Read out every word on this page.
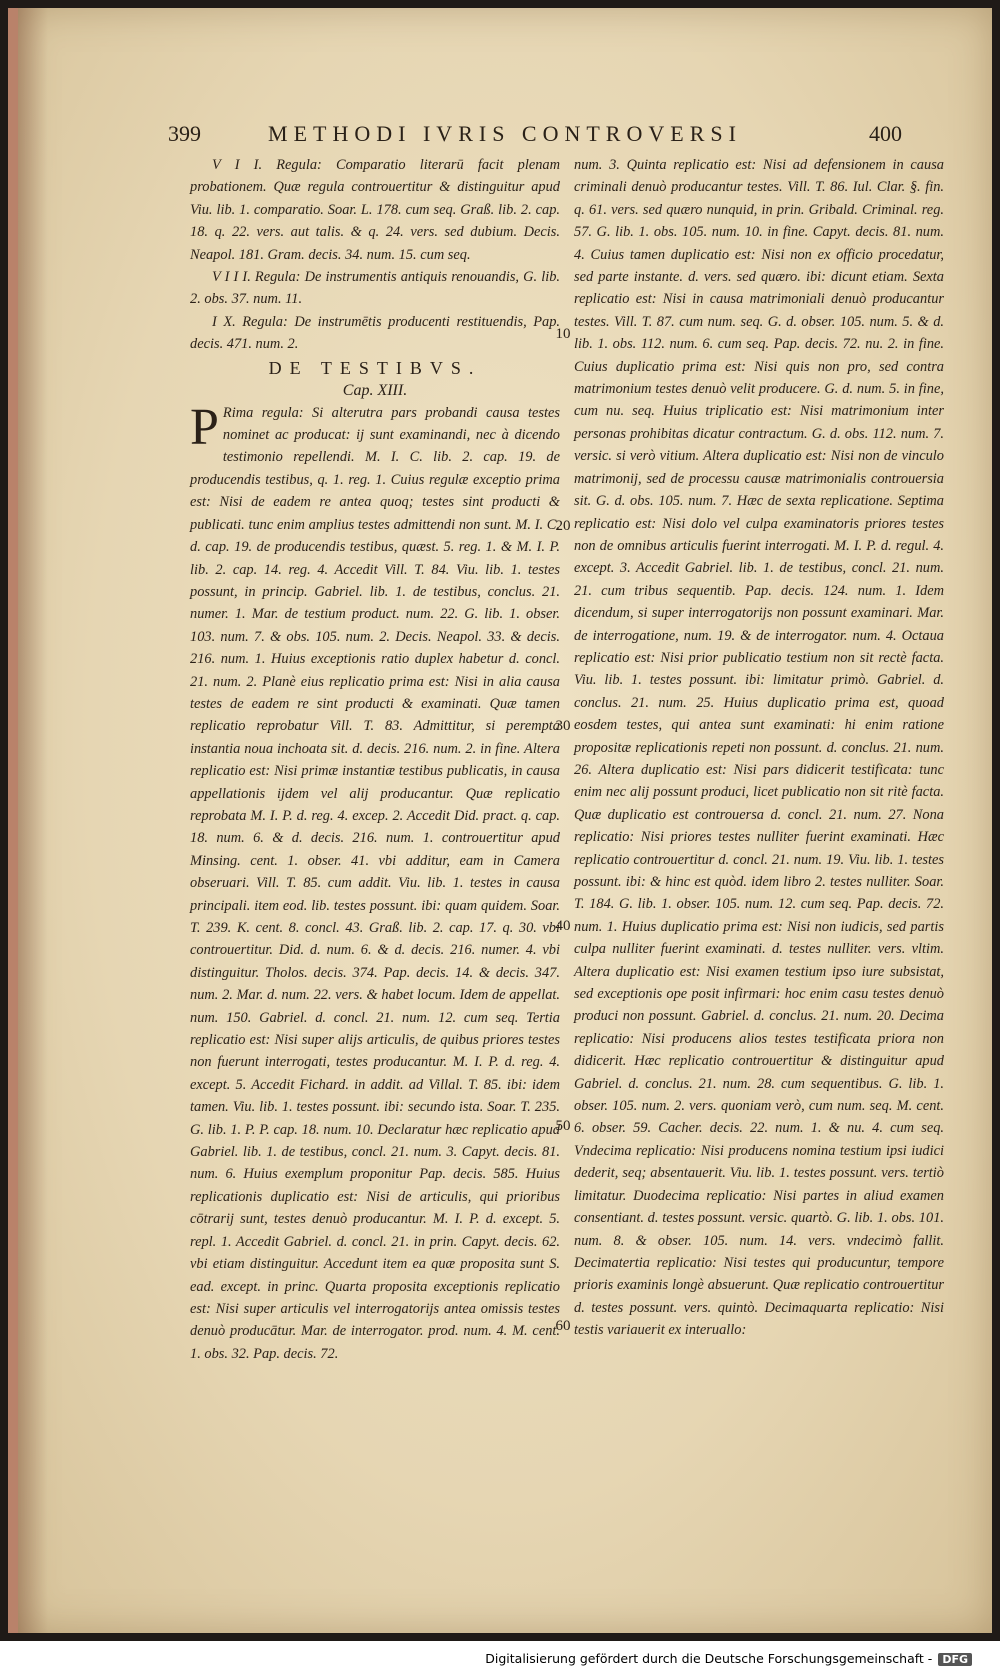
399	METHODI IVRIS CONTROVERSI	400

V I I. Regula: Comparatio literarū facit plenam probationem. Quæ regula controuertitur & distinguitur apud Viu. lib. 1. comparatio. Soar. L. 178. cum seq. Graß. lib. 2. cap. 18. q. 22. vers. aut talis. & q. 24. vers. sed dubium. Decis. Neapol. 181. Gram. decis. 34. num. 15. cum seq.

V I I I. Regula: De instrumentis antiquis renouandis, G. lib. 2. obs. 37. num. 11.

I X. Regula: De instrumētis producenti restituendis, Pap. decis. 471. num. 2.

DE TESTIBVS.

Cap. XIII.

P Rima regula: Si alterutra pars probandi causa testes nominet ac producat: ij sunt examinandi, nec à dicendo testimonio repellendi. M. I. C. lib. 2. cap. 19. de producendis testibus, q. 1. reg. 1. Cuius regulæ exceptio prima est: Nisi de eadem re antea quoq; testes sint producti & publicati. tunc enim amplius testes admittendi non sunt. M. I. C. d. cap. 19. de producendis testibus, quæst. 5. reg. 1. & M. I. P. lib. 2. cap. 14. reg. 4. Accedit Vill. T. 84. Viu. lib. 1. testes possunt, in princip. Gabriel. lib. 1. de testibus, conclus. 21. numer. 1. Mar. de testium product. num. 22. G. lib. 1. obser. 103. num. 7. & obs. 105. num. 2. Decis. Neapol. 33. & decis. 216. num. 1. Huius exceptionis ratio duplex habetur d. concl. 21. num. 2. Planè eius replicatio prima est: Nisi in alia causa testes de eadem re sint producti & examinati. Quæ tamen replicatio reprobatur Vill. T. 83. Admittitur, si perempta instantia noua inchoata sit. d. decis. 216. num. 2. in fine. Altera replicatio est: Nisi primæ instantiæ testibus publicatis, in causa appellationis ijdem vel alij producantur. Quæ replicatio reprobata M. I. P. d. reg. 4. excep. 2. Accedit Did. pract. q. cap. 18. num. 6. & d. decis. 216. num. 1. controuertitur apud Minsing. cent. 1. obser. 41. vbi additur, eam in Camera obseruari. Vill. T. 85. cum addit. Viu. lib. 1. testes in causa principali. item eod. lib. testes possunt. ibi: quam quidem. Soar. T. 239. K. cent. 8. concl. 43. Graß. lib. 2. cap. 17. q. 30. vbi controuertitur. Did. d. num. 6. & d. decis. 216. numer. 4. vbi distinguitur. Tholos. decis. 374. Pap. decis. 14. & decis. 347. num. 2. Mar. d. num. 22. vers. & habet locum. Idem de appellat. num. 150. Gabriel. d. concl. 21. num. 12. cum seq. Tertia replicatio est: Nisi super alijs articulis, de quibus priores testes non fuerunt interrogati, testes producantur. M. I. P. d. reg. 4. except. 5. Accedit Fichard. in addit. ad Villal. T. 85. ibi: idem tamen. Viu. lib. 1. testes possunt. ibi: secundo ista. Soar. T. 235. G. lib. 1. P. P. cap. 18. num. 10. Declaratur hæc replicatio apud Gabriel. lib. 1. de testibus, concl. 21. num. 3. Capyt. decis. 81. num. 6. Huius exemplum proponitur Pap. decis. 585. Huius replicationis duplicatio est: Nisi de articulis, qui prioribus cōtrarij sunt, testes denuò producantur. M. I. P. d. except. 5. repl. 1. Accedit Gabriel. d. concl. 21. in prin. Capyt. decis. 62. vbi etiam distinguitur. Accedunt item ea quæ proposita sunt S. ead. except. in princ. Quarta proposita exceptionis replicatio est: Nisi super articulis vel interrogatorijs antea omissis testes denuò producātur. Mar. de interrogator. prod. num. 4. M. cent. 1. obs. 32. Pap. decis. 72.

10
20
30
40
50
60

num. 3. Quinta replicatio est: Nisi ad defensionem in causa criminali denuò producantur testes. Vill. T. 86. Iul. Clar. §. fin. q. 61. vers. sed quæro nunquid, in prin. Gribald. Criminal. reg. 57. G. lib. 1. obs. 105. num. 10. in fine. Capyt. decis. 81. num. 4. Cuius tamen duplicatio est: Nisi non ex officio procedatur, sed parte instante. d. vers. sed quæro. ibi: dicunt etiam. Sexta replicatio est: Nisi in causa matrimoniali denuò producantur testes. Vill. T. 87. cum num. seq. G. d. obser. 105. num. 5. & d. lib. 1. obs. 112. num. 6. cum seq. Pap. decis. 72. nu. 2. in fine. Cuius duplicatio prima est: Nisi quis non pro, sed contra matrimonium testes denuò velit producere. G. d. num. 5. in fine, cum nu. seq. Huius triplicatio est: Nisi matrimonium inter personas prohibitas dicatur contractum. G. d. obs. 112. num. 7. versic. si verò vitium. Altera duplicatio est: Nisi non de vinculo matrimonij, sed de processu causæ matrimonialis controuersia sit. G. d. obs. 105. num. 7. Hæc de sexta replicatione. Septima replicatio est: Nisi dolo vel culpa examinatoris priores testes non de omnibus articulis fuerint interrogati. M. I. P. d. regul. 4. except. 3. Accedit Gabriel. lib. 1. de testibus, concl. 21. num. 21. cum tribus sequentib. Pap. decis. 124. num. 1. Idem dicendum, si super interrogatorijs non possunt examinari. Mar. de interrogatione, num. 19. & de interrogator. num. 4. Octaua replicatio est: Nisi prior publicatio testium non sit rectè facta. Viu. lib. 1. testes possunt. ibi: limitatur primò. Gabriel. d. conclus. 21. num. 25. Huius duplicatio prima est, quoad eosdem testes, qui antea sunt examinati: hi enim ratione propositæ replicationis repeti non possunt. d. conclus. 21. num. 26. Altera duplicatio est: Nisi pars didicerit testificata: tunc enim nec alij possunt produci, licet publicatio non sit ritè facta. Quæ duplicatio est controuersa d. concl. 21. num. 27. Nona replicatio: Nisi priores testes nulliter fuerint examinati. Hæc replicatio controuertitur d. concl. 21. num. 19. Viu. lib. 1. testes possunt. ibi: & hinc est quòd. idem libro 2. testes nulliter. Soar. T. 184. G. lib. 1. obser. 105. num. 12. cum seq. Pap. decis. 72. num. 1. Huius duplicatio prima est: Nisi non iudicis, sed partis culpa nulliter fuerint examinati. d. testes nulliter. vers. vltim. Altera duplicatio est: Nisi examen testium ipso iure subsistat, sed exceptionis ope posit infirmari: hoc enim casu testes denuò produci non possunt. Gabriel. d. conclus. 21. num. 20. Decima replicatio: Nisi producens alios testes testificata priora non didicerit. Hæc replicatio controuertitur & distinguitur apud Gabriel. d. conclus. 21. num. 28. cum sequentibus. G. lib. 1. obser. 105. num. 2. vers. quoniam verò, cum num. seq. M. cent. 6. obser. 59. Cacher. decis. 22. num. 1. & nu. 4. cum seq. Vndecima replicatio: Nisi producens nomina testium ipsi iudici dederit, seq; absentauerit. Viu. lib. 1. testes possunt. vers. tertiò limitatur. Duodecima replicatio: Nisi partes in aliud examen consentiant. d. testes possunt. versic. quartò. G. lib. 1. obs. 101. num. 8. & obser. 105. num. 14. vers. vndecimò fallit. Decimatertia replicatio: Nisi testes qui producuntur, tempore prioris examinis longè absuerunt. Quæ replicatio controuertitur d. testes possunt. vers. quintò. Decimaquarta replicatio: Nisi testis variauerit ex interuallo:

Digitalisierung gefördert durch die Deutsche Forschungsgemeinschaft - DFG
